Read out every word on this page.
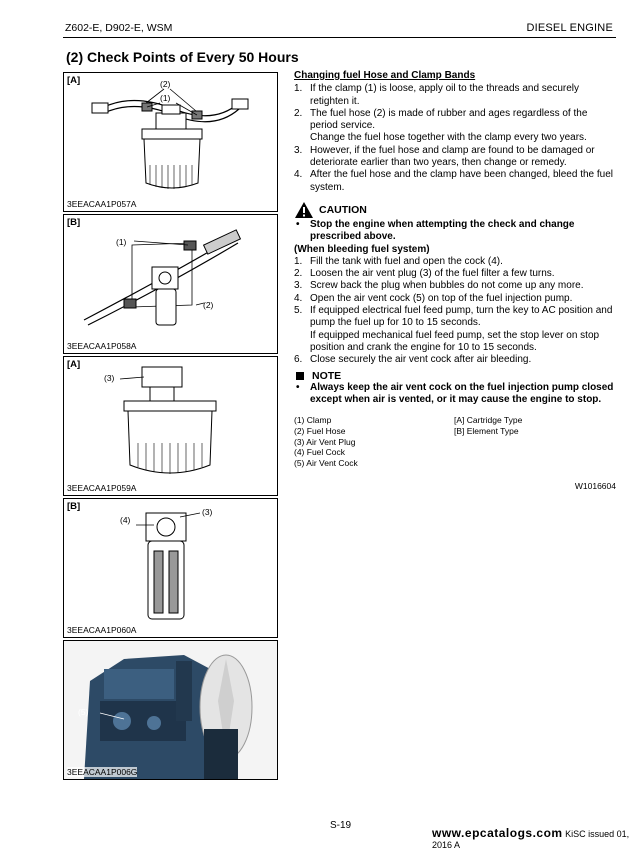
Z602-E, D902-E, WSM	DIESEL ENGINE
(2) Check Points of Every 50 Hours
[A]	(2)
(1)
3EEACAA1P057A
[B]
(1)
(2)
3EEACAA1P058A
[A]
(3)
3EEACAA1P059A
[B]
(4)
(3)
3EEACAA1P060A
(5)
3EEACAA1P006G
Changing fuel Hose and Clamp Bands
1. If the clamp (1) is loose, apply oil to the threads and securely retighten it.
2. The fuel hose (2) is made of rubber and ages regardless of the period service.
Change the fuel hose together with the clamp every two years.
3. However, if the fuel hose and clamp are found to be damaged or deteriorate earlier than two years, then change or remedy.
4. After the fuel hose and the clamp have been changed, bleed the fuel system.
CAUTION
• Stop the engine when attempting the check and change prescribed above.
(When bleeding fuel system)
1. Fill the tank with fuel and open the cock (4).
2. Loosen the air vent plug (3) of the fuel filter a few turns.
3. Screw back the plug when bubbles do not come up any more.
4. Open the air vent cock (5) on top of the fuel injection pump.
5. If equipped electrical fuel feed pump, turn the key to AC position and pump the fuel up for 10 to 15 seconds.
If equipped mechanical fuel feed pump, set the stop lever on stop position and crank the engine for 10 to 15 seconds.
6. Close securely the air vent cock after air bleeding.
NOTE
• Always keep the air vent cock on the fuel injection pump closed except when air is vented, or it may cause the engine to stop.
(1) Clamp
(2) Fuel Hose
(3) Air Vent Plug
(4) Fuel Cock
(5) Air Vent Cock
[A] Cartridge Type
[B] Element Type
W1016604
S-19
www.epcatalogs.com KiSC issued 01, 2016 A
